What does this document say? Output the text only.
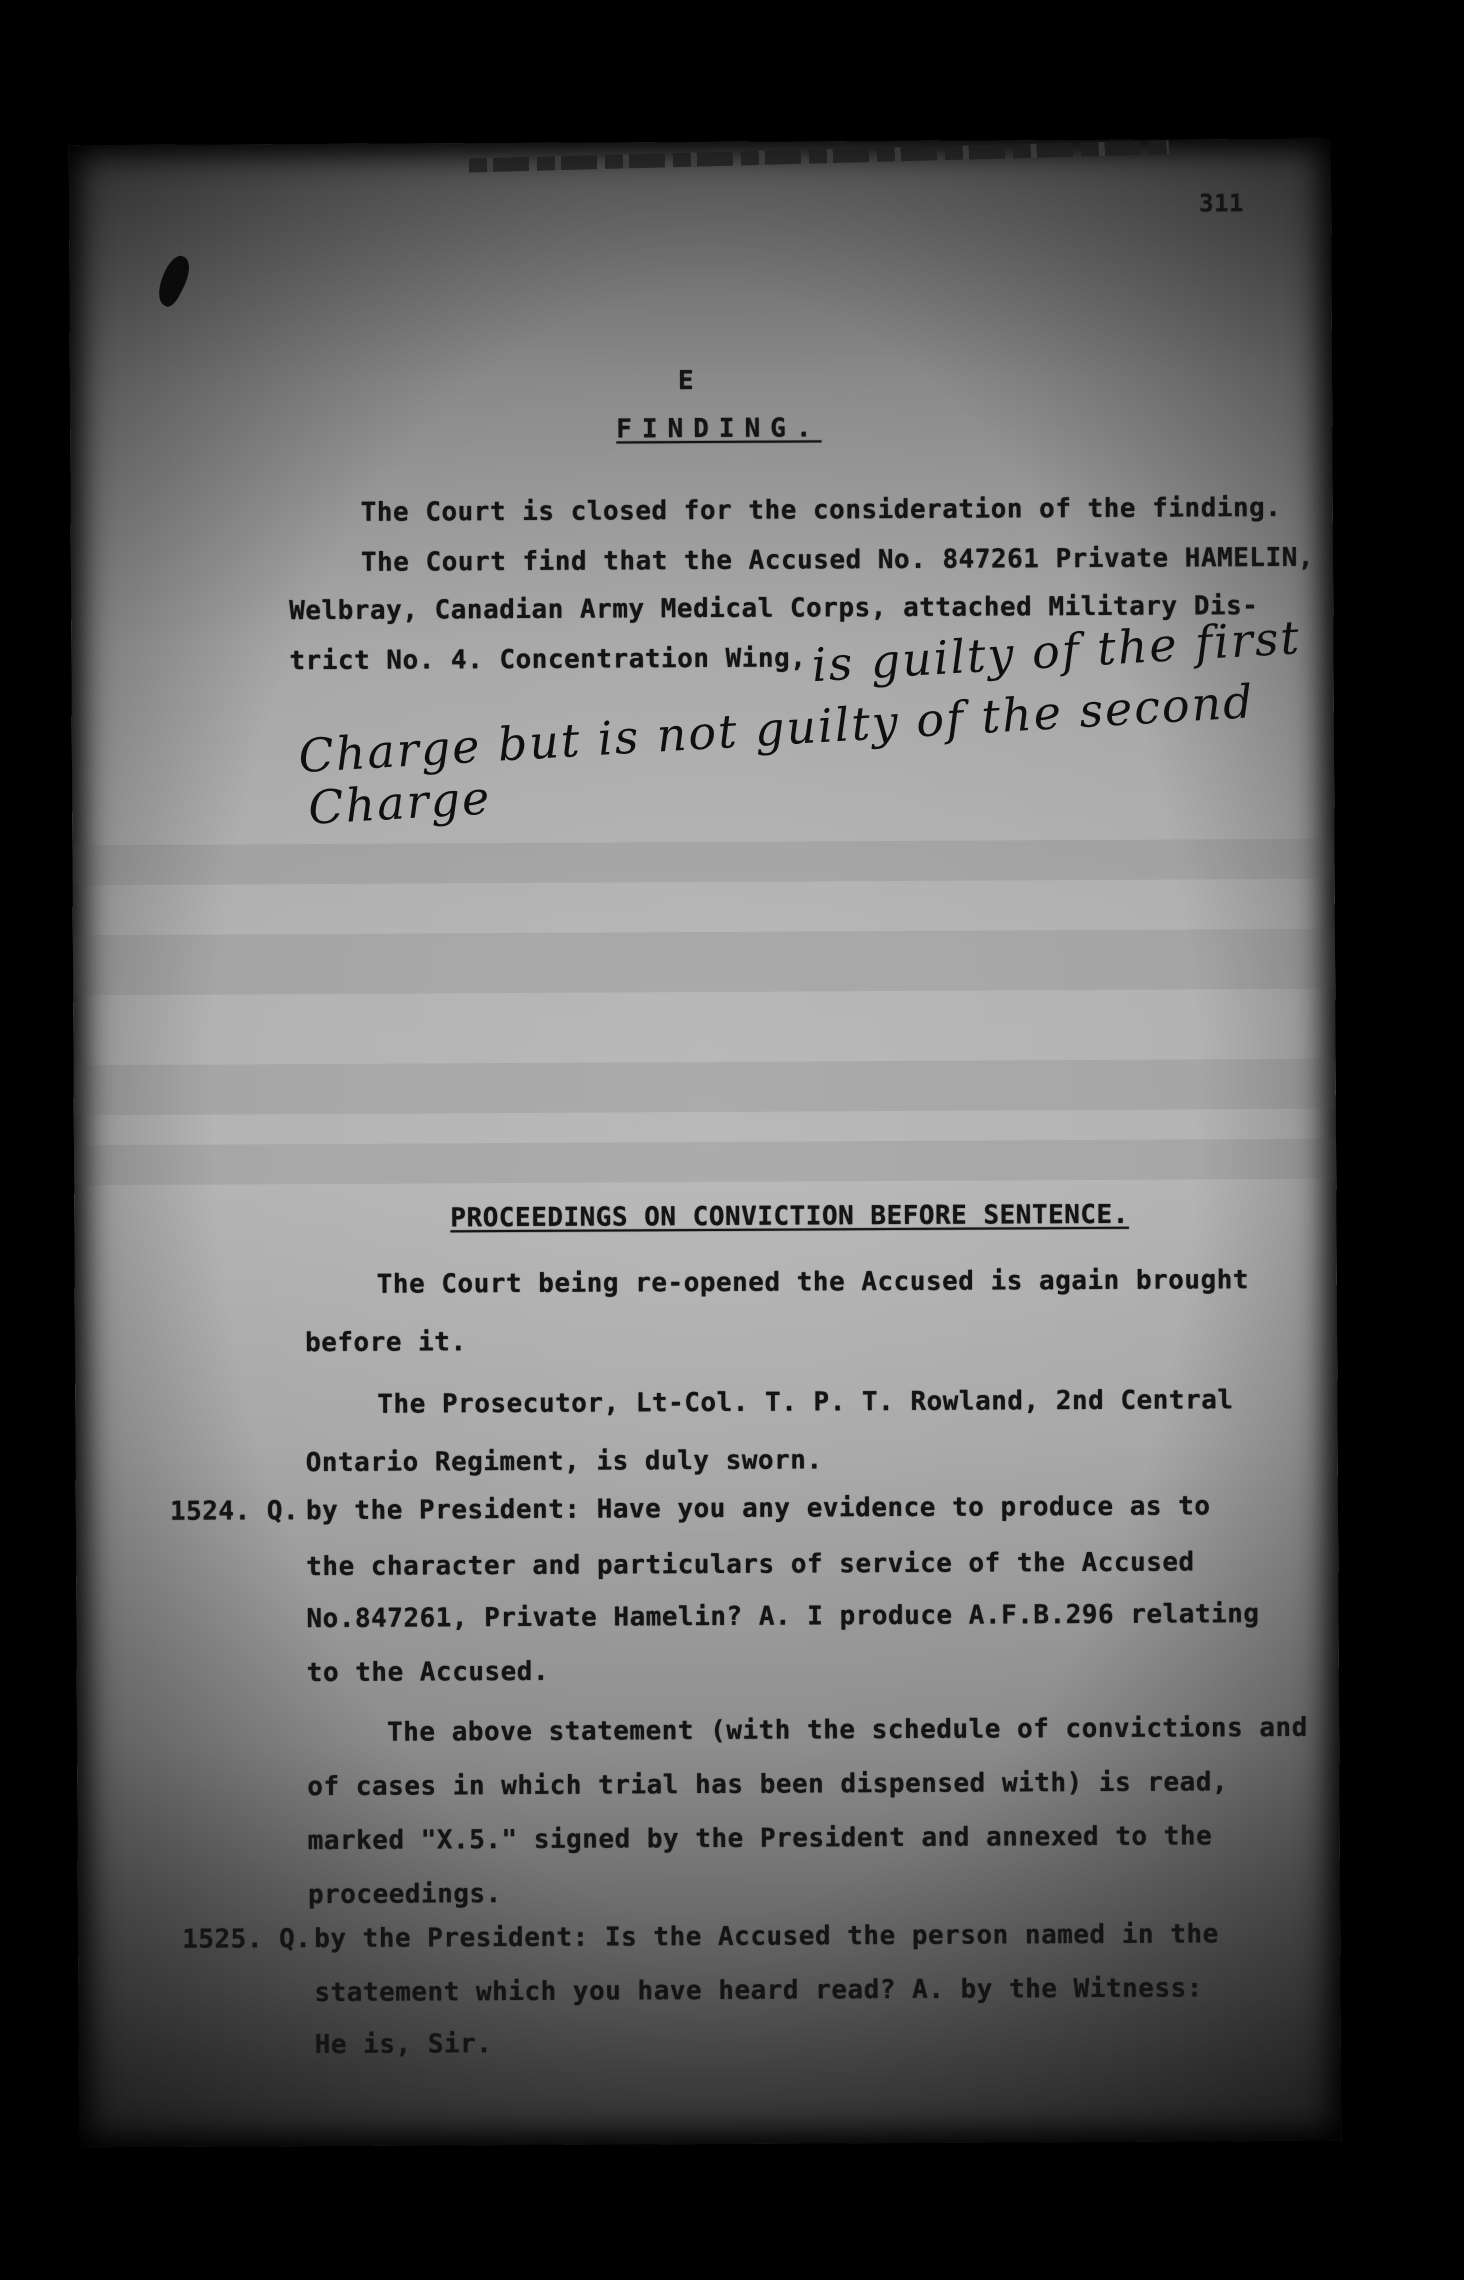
311
E
FINDING.
The Court is closed for the consideration of the finding.
The Court find that the Accused No. 847261 Private HAMELIN,
Welbray, Canadian Army Medical Corps, attached Military Dis-
trict No. 4. Concentration Wing, is guilty of the first
Charge but is not guilty of the second
Charge
PROCEEDINGS ON CONVICTION BEFORE SENTENCE.
The Court being re-opened the Accused is again brought
before it.
The Prosecutor, Lt-Col. T. P. T. Rowland, 2nd Central
Ontario Regiment, is duly sworn.
1524. Q. by the President: Have you any evidence to produce as to
the character and particulars of service of the Accused
No.847261, Private Hamelin? A. I produce A.F.B.296 relating
to the Accused.
The above statement (with the schedule of convictions and
of cases in which trial has been dispensed with) is read,
marked "X.5." signed by the President and annexed to the
proceedings.
1525. Q. by the President: Is the Accused the person named in the
statement which you have heard read? A. by the Witness:
He is, Sir.
